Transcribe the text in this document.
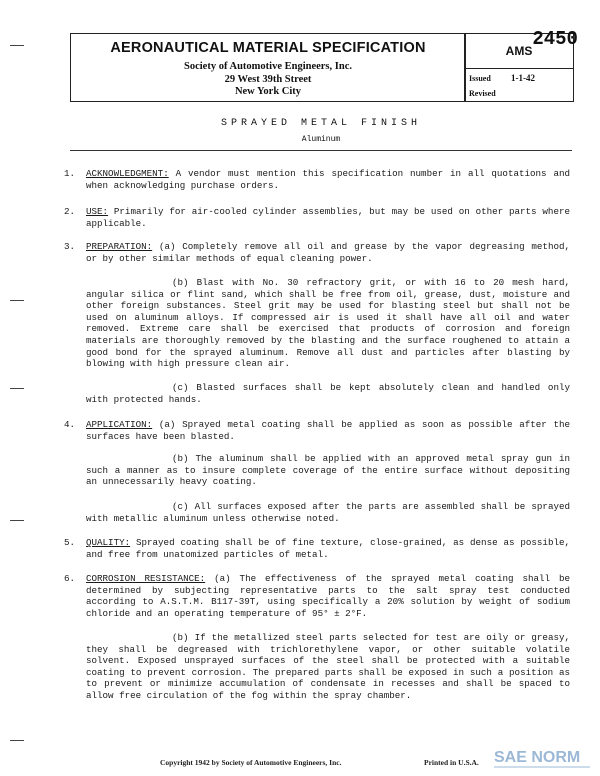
AERONAUTICAL MATERIAL SPECIFICATION
Society of Automotive Engineers, Inc.
29 West 39th Street
New York City
AMS
2450
Issued 1-1-42
Revised
SPRAYED METAL FINISH
Aluminum
1. ACKNOWLEDGMENT: A vendor must mention this specification number in all quotations and when acknowledging purchase orders.
2. USE: Primarily for air-cooled cylinder assemblies, but may be used on other parts where applicable.
3. PREPARATION: (a) Completely remove all oil and grease by the vapor degreasing method, or by other similar methods of equal cleaning power.
(b) Blast with No. 30 refractory grit, or with 16 to 20 mesh hard, angular silica or flint sand, which shall be free from oil, grease, dust, moisture and other foreign substances. Steel grit may be used for blasting steel but shall not be used on aluminum alloys. If compressed air is used it shall have all oil and water removed. Extreme care shall be exercised that products of corrosion and foreign materials are thoroughly removed by the blasting and the surface roughened to attain a good bond for the sprayed aluminum. Remove all dust and particles after blasting by blowing with high pressure clean air.
(c) Blasted surfaces shall be kept absolutely clean and handled only with protected hands.
4. APPLICATION: (a) Sprayed metal coating shall be applied as soon as possible after the surfaces have been blasted.
(b) The aluminum shall be applied with an approved metal spray gun in such a manner as to insure complete coverage of the entire surface without depositing an unnecessarily heavy coating.
(c) All surfaces exposed after the parts are assembled shall be sprayed with metallic aluminum unless otherwise noted.
5. QUALITY: Sprayed coating shall be of fine texture, close-grained, as dense as possible, and free from unatomized particles of metal.
6. CORROSION RESISTANCE: (a) The effectiveness of the sprayed metal coating shall be determined by subjecting representative parts to the salt spray test conducted according to A.S.T.M. B117-39T, using specifically a 20% solution by weight of sodium chloride and an operating temperature of 95° ± 2°F.
(b) If the metallized steel parts selected for test are oily or greasy, they shall be degreased with trichlorethylene vapor, or other suitable volatile solvent. Exposed unsprayed surfaces of the steel shall be protected with a suitable coating to prevent corrosion. The prepared parts shall be exposed in such a position as to prevent or minimize accumulation of condensate in recesses and shall be spaced to allow free circulation of the fog within the spray chamber.
Copyright 1942 by Society of Automotive Engineers, Inc.	Printed in U.S.A. SAE NORM
